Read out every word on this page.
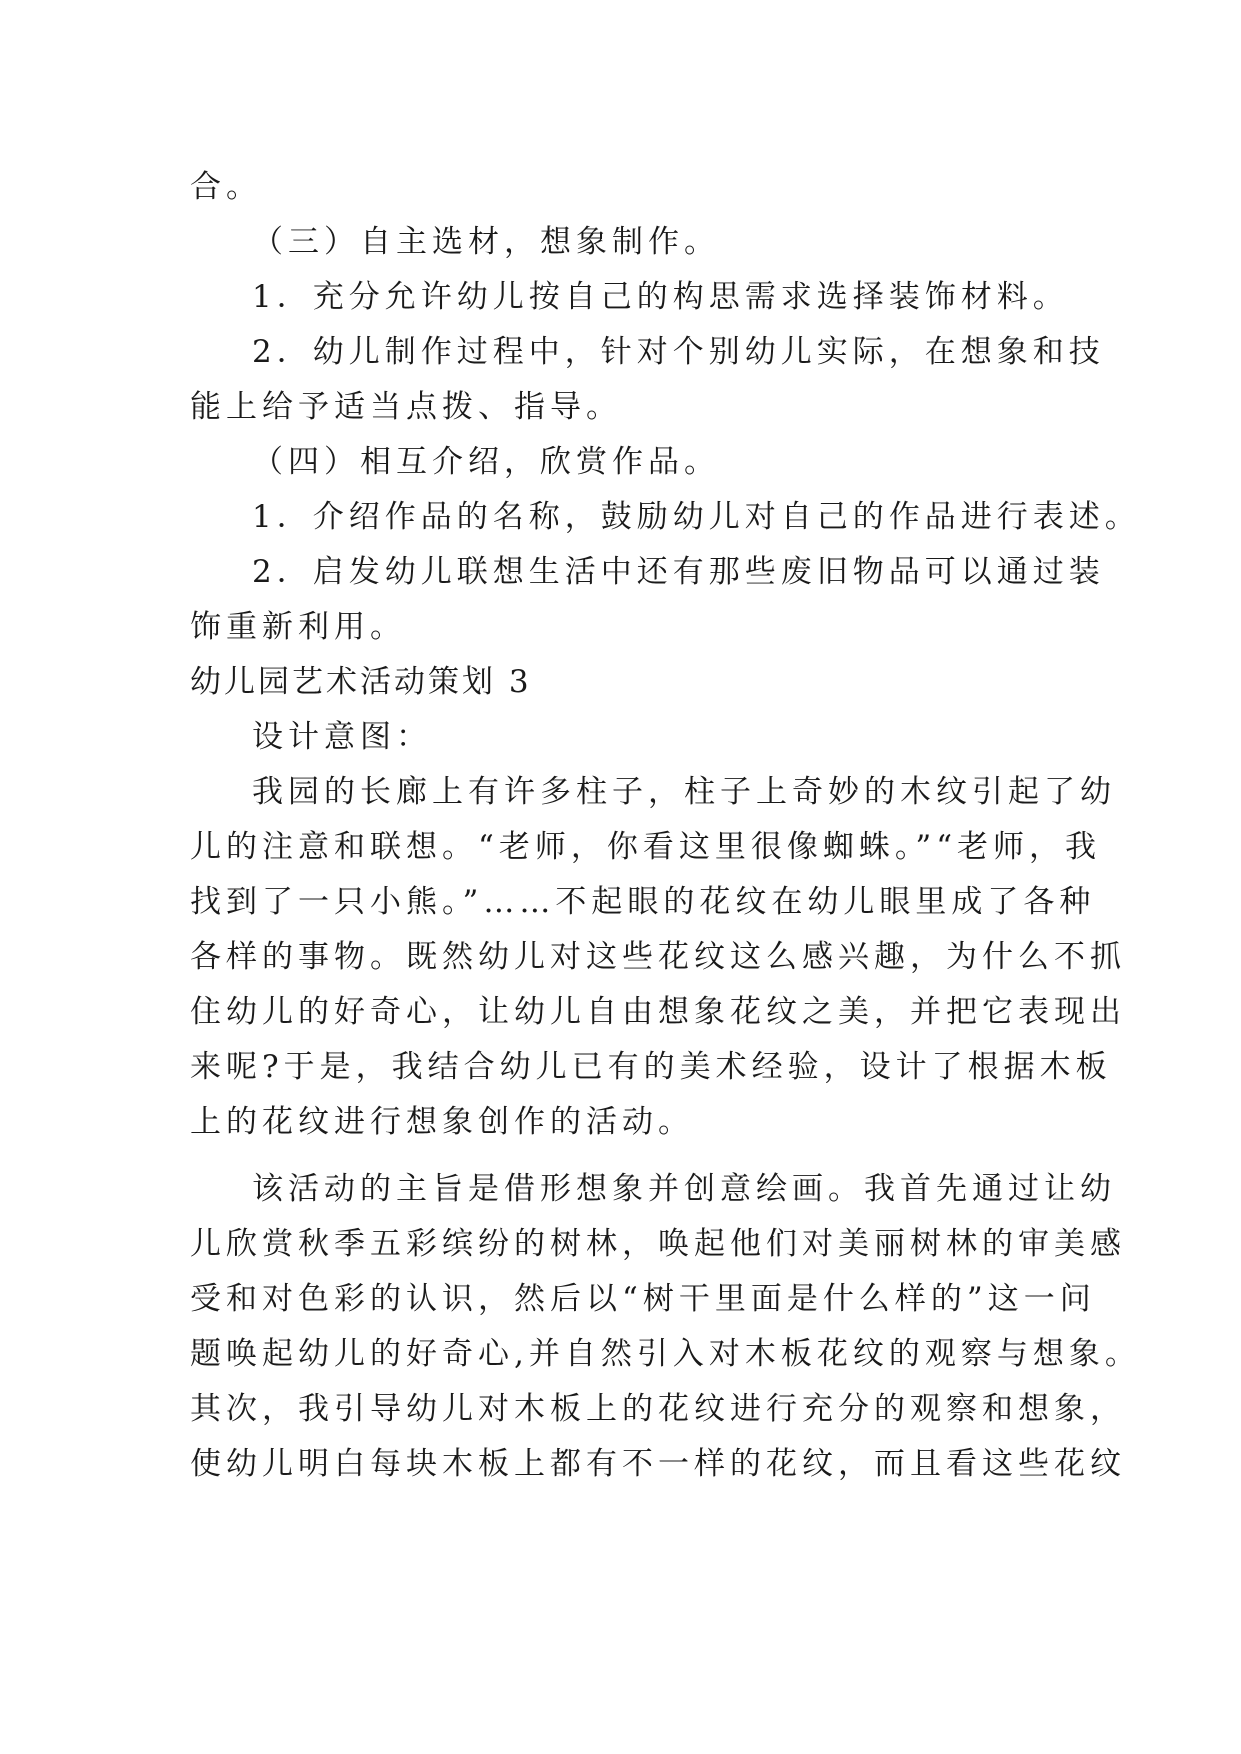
合。
（三）自主选材，想象制作。
1．充分允许幼儿按自己的构思需求选择装饰材料。
2．幼儿制作过程中，针对个别幼儿实际，在想象和技
能上给予适当点拨、指导。
（四）相互介绍，欣赏作品。
1．介绍作品的名称，鼓励幼儿对自己的作品进行表述。
2．启发幼儿联想生活中还有那些废旧物品可以通过装
饰重新利用。
幼儿园艺术活动策划 3
设计意图：
我园的长廊上有许多柱子，柱子上奇妙的木纹引起了幼
儿的注意和联想。“老师，你看这里很像蜘蛛。”“老师，我
找到了一只小熊。”……不起眼的花纹在幼儿眼里成了各种
各样的事物。既然幼儿对这些花纹这么感兴趣，为什么不抓
住幼儿的好奇心，让幼儿自由想象花纹之美，并把它表现出
来呢?于是，我结合幼儿已有的美术经验，设计了根据木板
上的花纹进行想象创作的活动。
该活动的主旨是借形想象并创意绘画。我首先通过让幼
儿欣赏秋季五彩缤纷的树林，唤起他们对美丽树林的审美感
受和对色彩的认识，然后以“树干里面是什么样的”这一问
题唤起幼儿的好奇心,并自然引入对木板花纹的观察与想象。
其次，我引导幼儿对木板上的花纹进行充分的观察和想象，
使幼儿明白每块木板上都有不一样的花纹，而且看这些花纹
